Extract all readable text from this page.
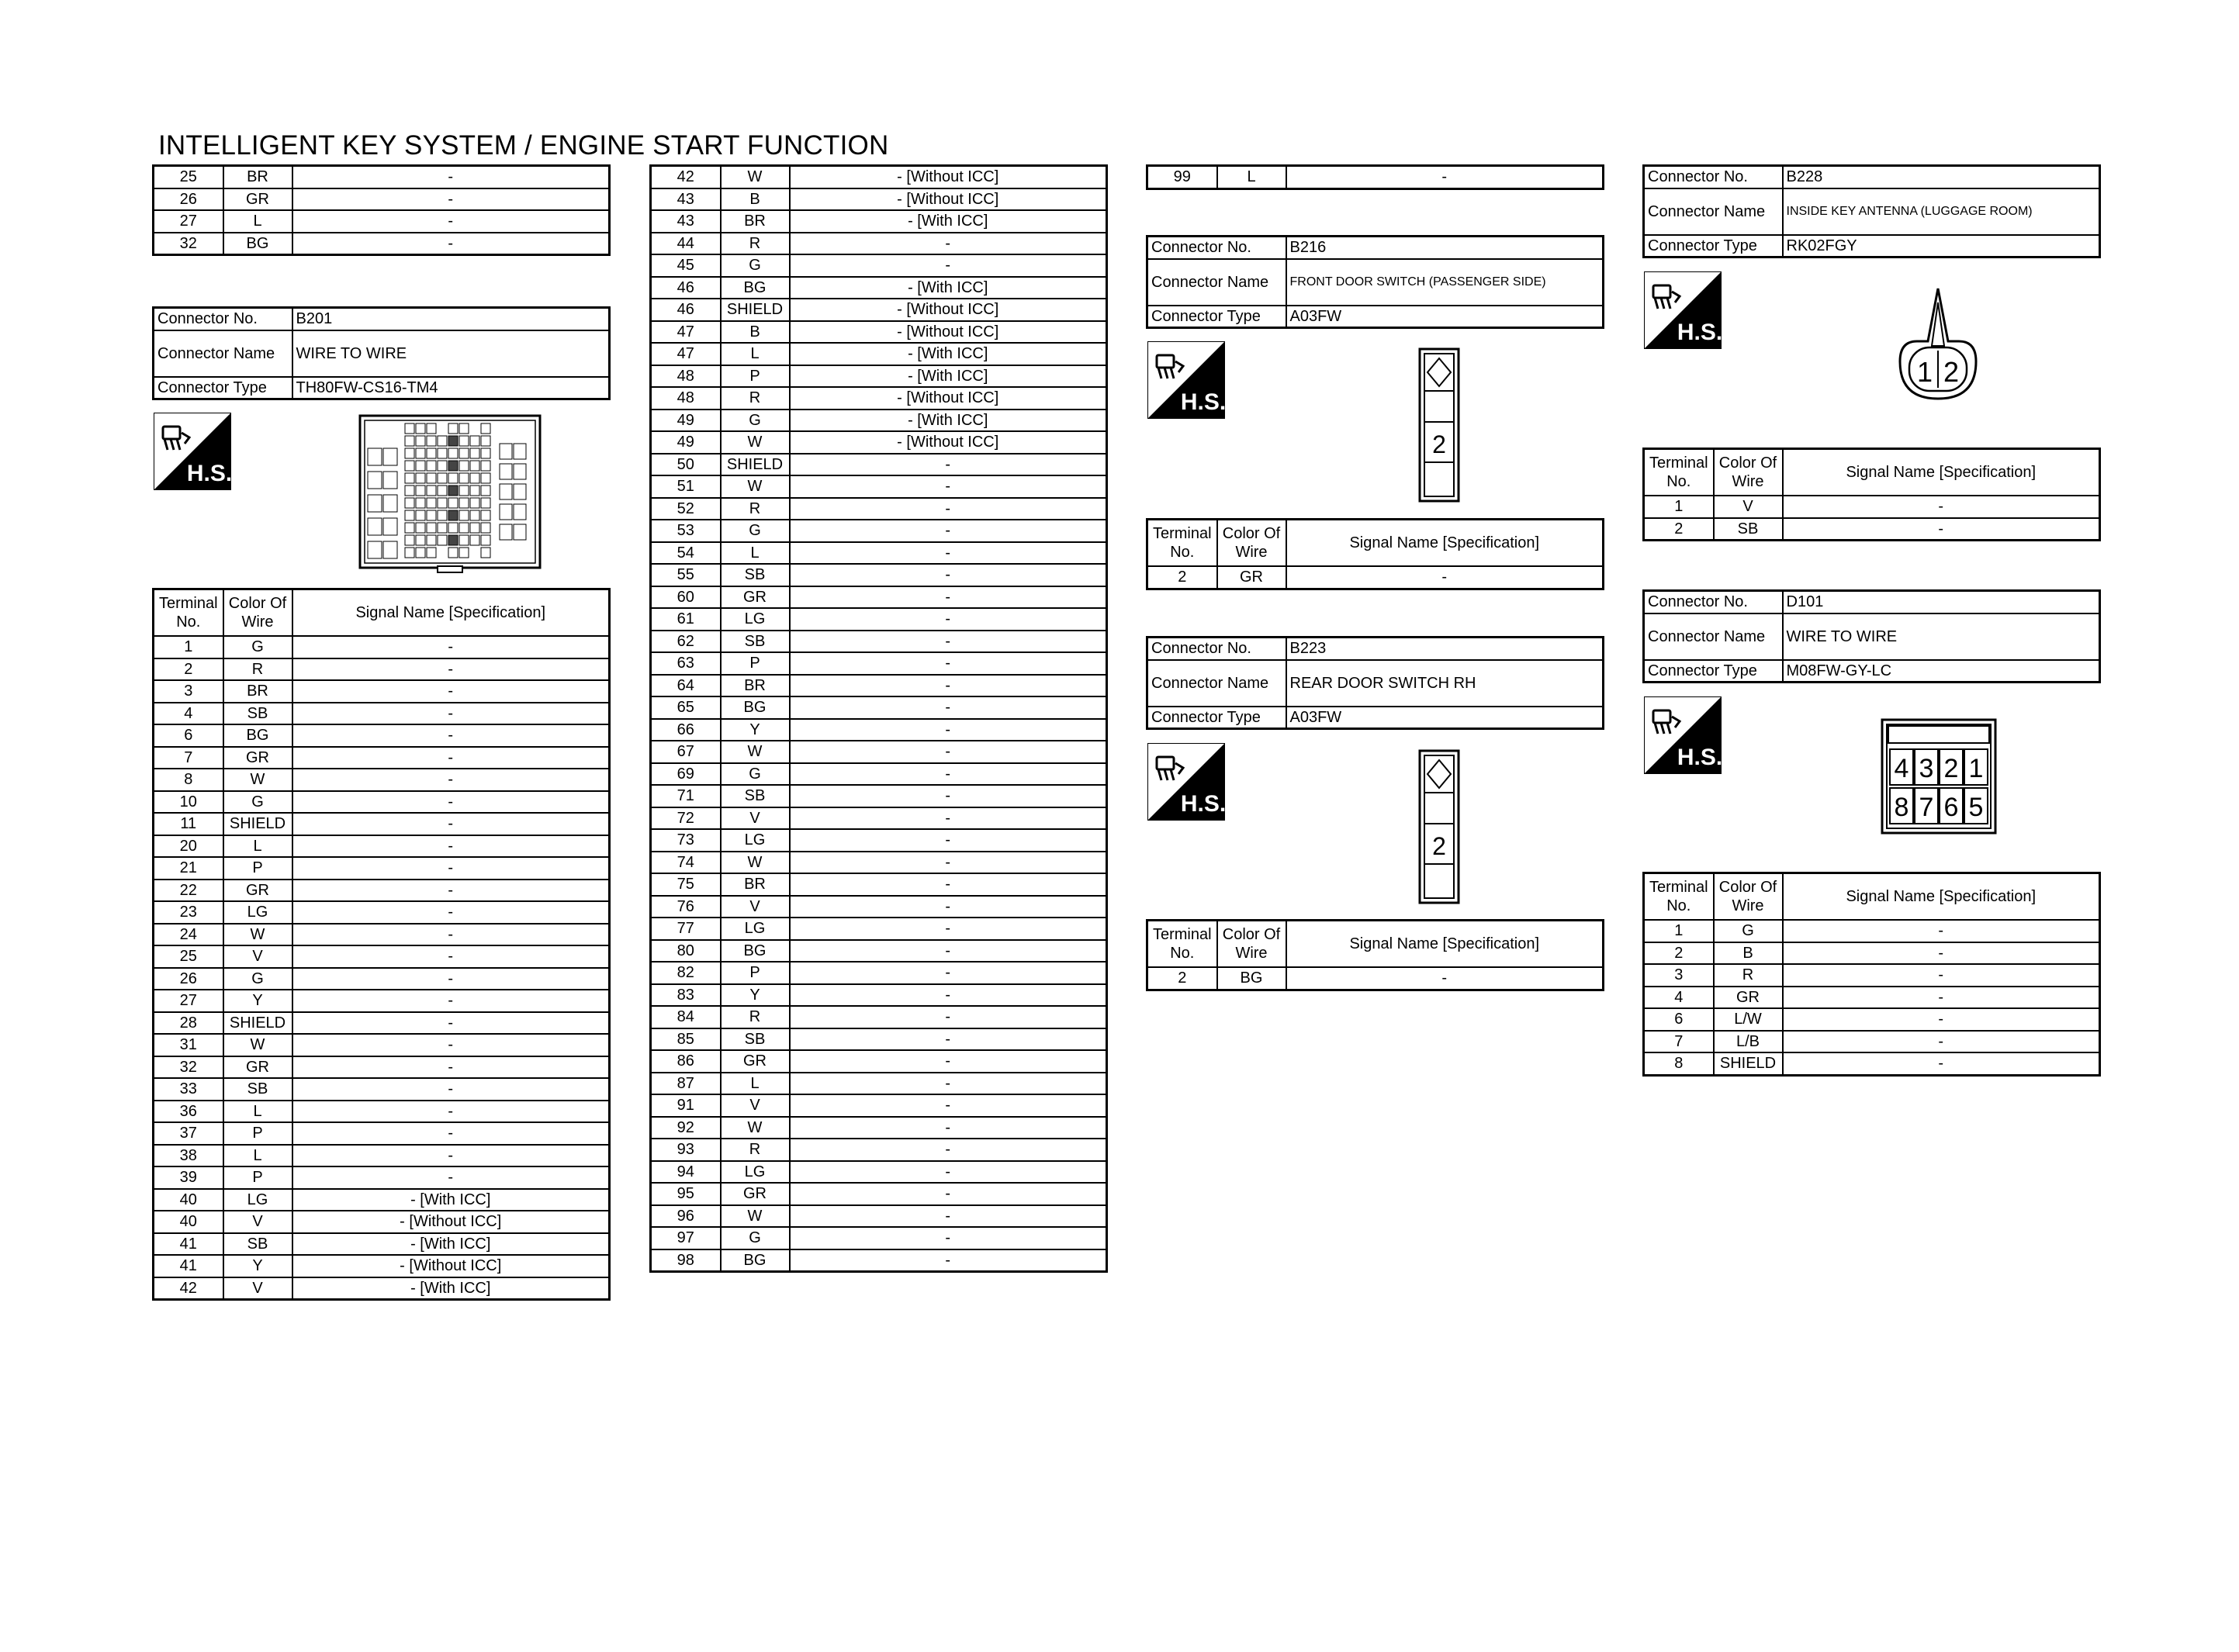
INTELLIGENT KEY SYSTEM / ENGINE START FUNCTION
25	BR	-
26	GR	-
27	L	-
32	BG	-
Connector No.	B201
Connector Name	WIRE TO WIRE
Connector Type	TH80FW-CS16-TM4
H.S.
Terminal No.	Color Of Wire	Signal Name [Specification]
1	G	-
2	R	-
3	BR	-
4	SB	-
6	BG	-
7	GR	-
8	W	-
10	G	-
11	SHIELD	-
20	L	-
21	P	-
22	GR	-
23	LG	-
24	W	-
25	V	-
26	G	-
27	Y	-
28	SHIELD	-
31	W	-
32	GR	-
33	SB	-
36	L	-
37	P	-
38	L	-
39	P	-
40	LG	- [With ICC]
40	V	- [Without ICC]
41	SB	- [With ICC]
41	Y	- [Without ICC]
42	V	- [With ICC]
42	W	- [Without ICC]
43	B	- [Without ICC]
43	BR	- [With ICC]
44	R	-
45	G	-
46	BG	- [With ICC]
46	SHIELD	- [Without ICC]
47	B	- [Without ICC]
47	L	- [With ICC]
48	P	- [With ICC]
48	R	- [Without ICC]
49	G	- [With ICC]
49	W	- [Without ICC]
50	SHIELD	-
51	W	-
52	R	-
53	G	-
54	L	-
55	SB	-
60	GR	-
61	LG	-
62	SB	-
63	P	-
64	BR	-
65	BG	-
66	Y	-
67	W	-
69	G	-
71	SB	-
72	V	-
73	LG	-
74	W	-
75	BR	-
76	V	-
77	LG	-
80	BG	-
82	P	-
83	Y	-
84	R	-
85	SB	-
86	GR	-
87	L	-
91	V	-
92	W	-
93	R	-
94	LG	-
95	GR	-
96	W	-
97	G	-
98	BG	-
99	L	-
Connector No.	B216
Connector Name	FRONT DOOR SWITCH (PASSENGER SIDE)
Connector Type	A03FW
H.S.
2
Terminal No.	Color Of Wire	Signal Name [Specification]
2	GR	-
Connector No.	B223
Connector Name	REAR DOOR SWITCH RH
Connector Type	A03FW
H.S.
2
Terminal No.	Color Of Wire	Signal Name [Specification]
2	BG	-
Connector No.	B228
Connector Name	INSIDE KEY ANTENNA (LUGGAGE ROOM)
Connector Type	RK02FGY
H.S.
1 2
Terminal No.	Color Of Wire	Signal Name [Specification]
1	V	-
2	SB	-
Connector No.	D101
Connector Name	WIRE TO WIRE
Connector Type	M08FW-GY-LC
H.S.	4 3 2 1
8 7 6 5
Terminal No.	Color Of Wire	Signal Name [Specification]
1	G	-
2	B	-
3	R	-
4	GR	-
6	L/W	-
7	L/B	-
8	SHIELD	-
